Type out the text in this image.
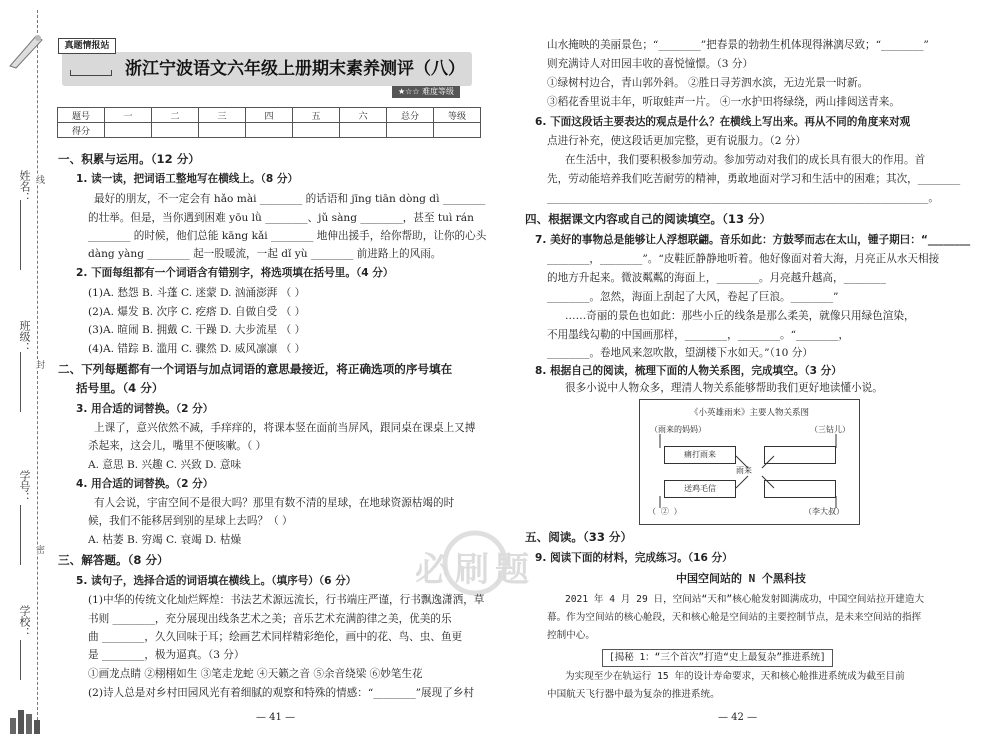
姓名： 线
班级：
封
学号：
密
学校：
真题情报站
浙江宁波语文六年级上册期末素养测评（八）
★☆☆ 难度等级
题号	一	二	三	四	五	六	总分	等级
得分								
一、积累与运用。（12 分）
1. 读一读，把词语工整地写在横线上。（8 分）
最好的朋友，不一定会有 hǎo mài ________ 的话语和 jīng tiān dòng dì ________
的壮举。但是，当你遇到困难 yōu lǜ ________、jǔ sàng ________，甚至 tuì rán
________ 的时候，他们总能 kāng kǎi ________ 地伸出援手，给你帮助，让你的心头
dàng yàng ________ 起一股暖流，一起 dǐ yù ________ 前进路上的风雨。
2. 下面每组都有一个词语含有错别字，将选项填在括号里。（4 分）
(1)A. 愁怨 B. 斗蓬 C. 迷蒙 D. 汹涌澎湃 （ ）
(2)A. 爆发 B. 次序 C. 疙瘩 D. 自做自受 （ ）
(3)A. 暄闹 B. 拥戴 C. 干躁 D. 大步流星 （ ）
(4)A. 错踪 B. 滥用 C. 骤然 D. 威风凛凛 （ ）
二、下列每题都有一个词语与加点词语的意思最接近，将正确选项的序号填在
括号里。（4 分）
3. 用合适的词替换。（2 分）
上课了，意兴依然不减，手痒痒的，将课本竖在面前当屏风，跟同桌在课桌上又搏
杀起来，这会儿，嘴里不便咳嗽。（ ）
A. 意思 B. 兴趣 C. 兴致 D. 意味
4. 用合适的词替换。（2 分）
有人会说，宇宙空间不是很大吗？那里有数不清的星球，在地球资源枯竭的时
候，我们不能移居到别的星球上去吗？（ ）
A. 枯萎 B. 穷竭 C. 衰竭 D. 枯燥
三、解答题。（8 分）
5. 读句子，选择合适的词语填在横线上。（填序号）（6 分）
(1)中华的传统文化灿烂辉煌：书法艺术源远流长，行书端庄严谨，行书飘逸潇洒，草
书则 ________，充分展现出线条艺术之美；音乐艺术充满韵律之美，优美的乐
曲 ________，久久回味于耳；绘画艺术同样精彩绝伦，画中的花、鸟、虫、鱼更
是 ________，极为逼真。（3 分）
①画龙点睛 ②栩栩如生 ③笔走龙蛇 ④天籁之音 ⑤余音绕梁 ⑥妙笔生花
(2)诗人总是对乡村田园风光有着细腻的观察和特殊的情感：“________”展现了乡村
— 41 —
山水掩映的美丽景色；“________”把春景的勃勃生机体现得淋漓尽致；“________”
则充满诗人对田园丰收的喜悦憧憬。（3 分）
①绿树村边合，青山郭外斜。 ②胜日寻芳泗水滨，无边光景一时新。
③稻花香里说丰年，听取蛙声一片。 ④一水护田将绿绕，两山排闼送青来。
6. 下面这段话主要表达的观点是什么？在横线上写出来。再从不同的角度来对观
点进行补充，使这段话更加完整，更有说服力。（2 分）
在生活中，我们要积极参加劳动。参加劳动对我们的成长具有很大的作用。首
先，劳动能培养我们吃苦耐劳的精神，勇敢地面对学习和生活中的困难；其次，________
________________________________________________________________________。
四、根据课文内容或自己的阅读填空。（13 分）
7. 美好的事物总是能够让人浮想联翩。音乐如此：方鼓琴而志在太山，锺子期曰：“________
________，________”。“皮鞋匠静静地听着。他好像面对着大海，月亮正从水天相接
的地方升起来。微波粼粼的海面上，________。月亮越升越高，________
________。忽然，海面上刮起了大风，卷起了巨浪。________”
……奇丽的景色也如此：那些小丘的线条是那么柔美，就像只用绿色渲染，
不用墨线勾勒的中国画那样，________，________。“________，
________。卷地风来忽吹散，望湖楼下水如天。”（10 分）
8. 根据自己的阅读，梳理下面的人物关系图，完成填空。（3 分）
很多小说中人物众多，理清人物关系能够帮助我们更好地读懂小说。
《小英雄雨来》主要人物关系图
（雨来的妈妈）	（三钻儿）
痛打雨来
雨来
送鸡毛信
（ ② ）	（李大叔）
必刷题
五、阅读。（33 分）
9. 阅读下面的材料，完成练习。（16 分）
中国空间站的 N 个黑科技
2021 年 4 月 29 日，空间站“天和”核心舱发射圆满成功，中国空间站拉开建造大
幕。作为空间站的核心舱段，天和核心舱是空间站的主要控制节点，是未来空间站的指挥
控制中心。
[揭秘 1：“三个首次”打造“史上最复杂”推进系统]
为实现至少在轨运行 15 年的设计寿命要求，天和核心舱推进系统成为截至目前
中国航天飞行器中最为复杂的推进系统。
— 42 —
